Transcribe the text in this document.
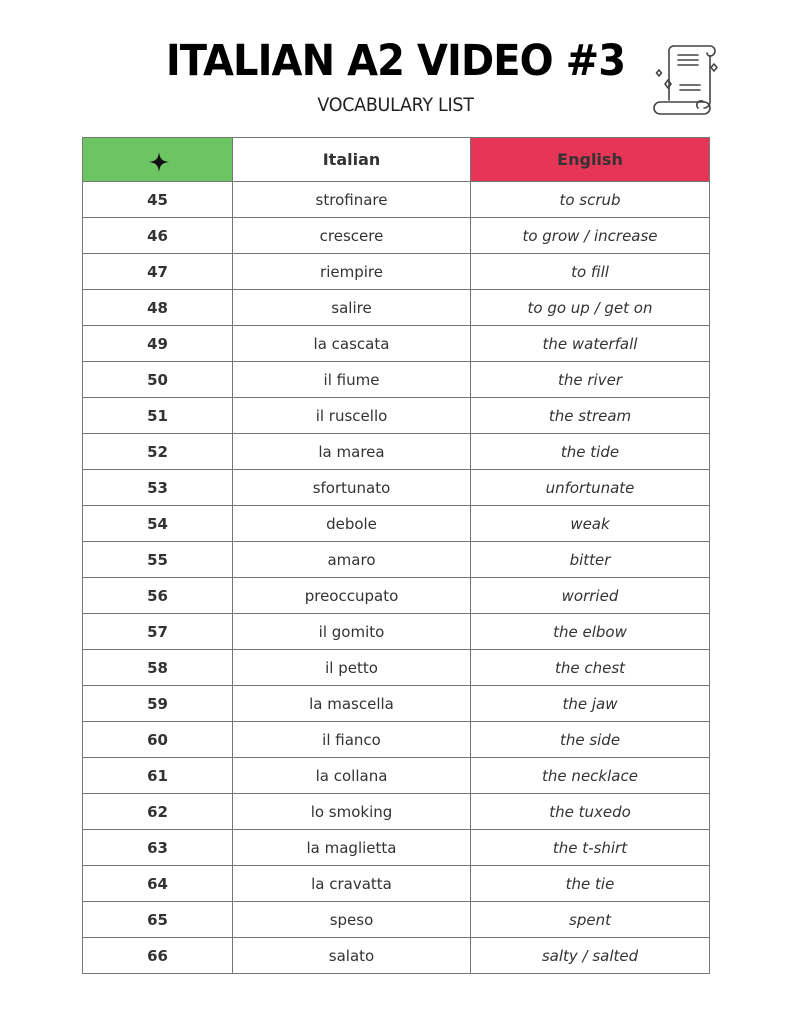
ITALIAN A2 VIDEO #3
VOCABULARY LIST
	Italian	English
45	strofinare	to scrub
46	crescere	to grow / increase
47	riempire	to fill
48	salire	to go up / get on
49	la cascata	the waterfall
50	il fiume	the river
51	il ruscello	the stream
52	la marea	the tide
53	sfortunato	unfortunate
54	debole	weak
55	amaro	bitter
56	preoccupato	worried
57	il gomito	the elbow
58	il petto	the chest
59	la mascella	the jaw
60	il fianco	the side
61	la collana	the necklace
62	lo smoking	the tuxedo
63	la maglietta	the t-shirt
64	la cravatta	the tie
65	speso	spent
66	salato	salty / salted
